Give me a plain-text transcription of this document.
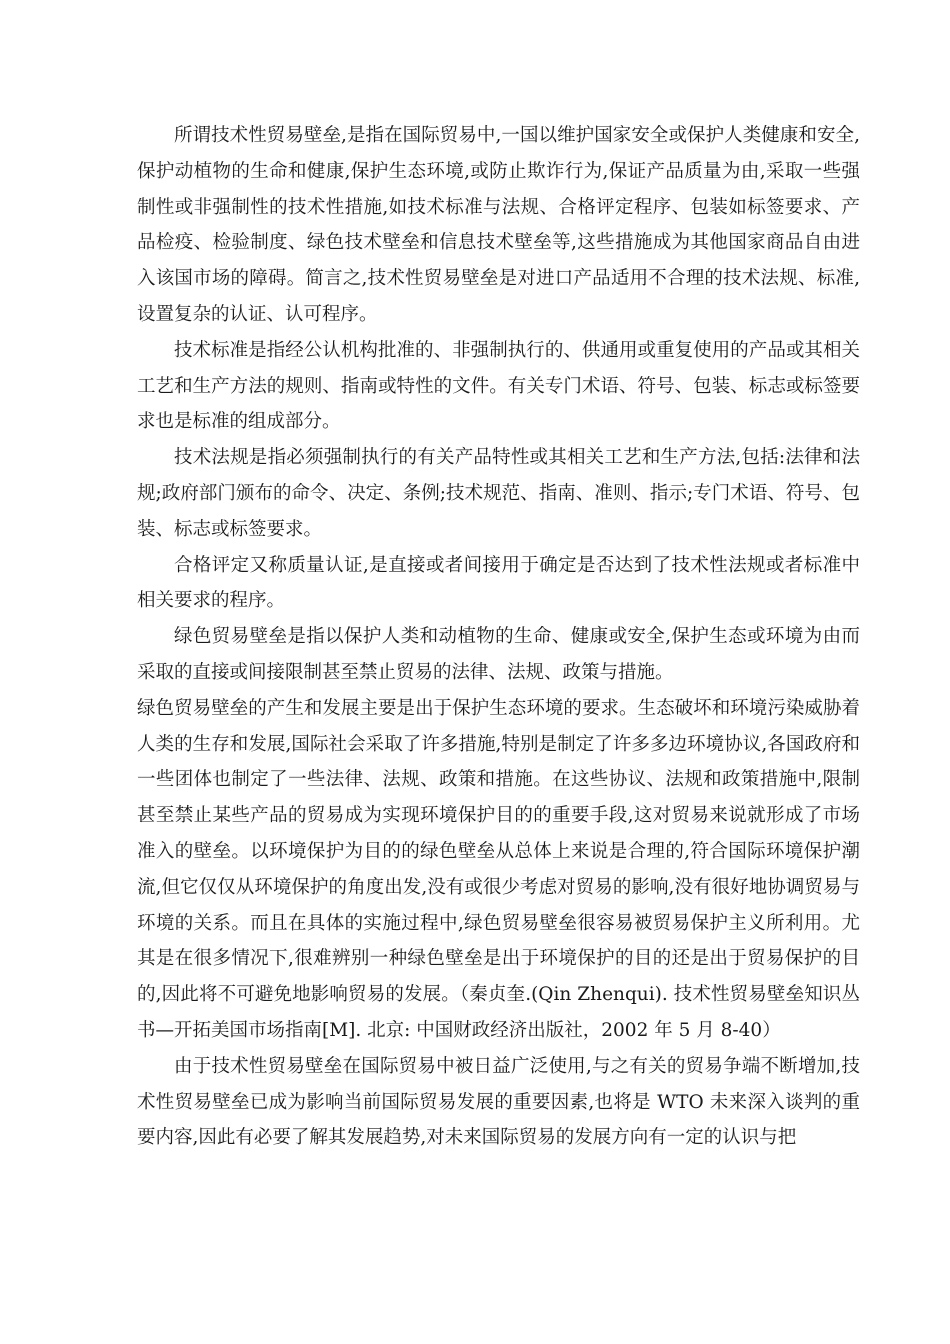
所谓技术性贸易壁垒,是指在国际贸易中,一国以维护国家安全或保护人类健康和安全,保护动植物的生命和健康,保护生态环境,或防止欺诈行为,保证产品质量为由,采取一些强制性或非强制性的技术性措施,如技术标准与法规、合格评定程序、包装如标签要求、产品检疫、检验制度、绿色技术壁垒和信息技术壁垒等,这些措施成为其他国家商品自由进入该国市场的障碍。简言之,技术性贸易壁垒是对进口产品适用不合理的技术法规、标准,设置复杂的认证、认可程序。

技术标准是指经公认机构批准的、非强制执行的、供通用或重复使用的产品或其相关工艺和生产方法的规则、指南或特性的文件。有关专门术语、符号、包装、标志或标签要求也是标准的组成部分。

技术法规是指必须强制执行的有关产品特性或其相关工艺和生产方法,包括:法律和法规;政府部门颁布的命令、决定、条例;技术规范、指南、准则、指示;专门术语、符号、包装、标志或标签要求。

合格评定又称质量认证,是直接或者间接用于确定是否达到了技术性法规或者标准中相关要求的程序。

绿色贸易壁垒是指以保护人类和动植物的生命、健康或安全,保护生态或环境为由而采取的直接或间接限制甚至禁止贸易的法律、法规、政策与措施。

绿色贸易壁垒的产生和发展主要是出于保护生态环境的要求。生态破坏和环境污染威胁着人类的生存和发展,国际社会采取了许多措施,特别是制定了许多多边环境协议,各国政府和一些团体也制定了一些法律、法规、政策和措施。在这些协议、法规和政策措施中,限制甚至禁止某些产品的贸易成为实现环境保护目的的重要手段,这对贸易来说就形成了市场准入的壁垒。以环境保护为目的的绿色壁垒从总体上来说是合理的,符合国际环境保护潮流,但它仅仅从环境保护的角度出发,没有或很少考虑对贸易的影响,没有很好地协调贸易与环境的关系。而且在具体的实施过程中,绿色贸易壁垒很容易被贸易保护主义所利用。尤其是在很多情况下,很难辨别一种绿色壁垒是出于环境保护的目的还是出于贸易保护的目的,因此将不可避免地影响贸易的发展。（秦贞奎.(Qin Zhenqui). 技术性贸易壁垒知识丛书—开拓美国市场指南[M]. 北京: 中国财政经济出版社，2002 年 5 月 8-40）

由于技术性贸易壁垒在国际贸易中被日益广泛使用,与之有关的贸易争端不断增加,技术性贸易壁垒已成为影响当前国际贸易发展的重要因素,也将是 WTO 未来深入谈判的重要内容,因此有必要了解其发展趋势,对未来国际贸易的发展方向有一定的认识与把
